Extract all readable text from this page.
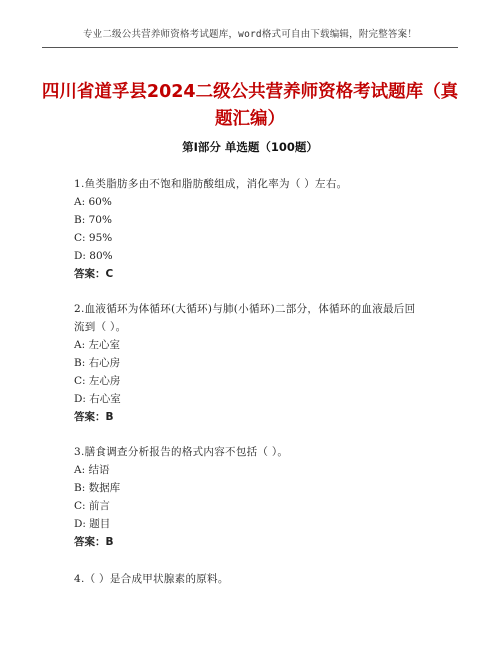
专业二级公共营养师资格考试题库，word格式可自由下载编辑，附完整答案！
四川省道孚县2024二级公共营养师资格考试题库（真题汇编）
第I部分 单选题（100题）

1.鱼类脂肪多由不饱和脂肪酸组成，消化率为（ ）左右。

A: 60%

B: 70%

C: 95%

D: 80%

答案：C

2.血液循环为体循环(大循环)与肺(小循环)二部分，体循环的血液最后回流到（ ）。

A: 左心室

B: 右心房

C: 左心房

D: 右心室

答案：B

3.膳食调查分析报告的格式内容不包括（ ）。

A: 结语

B: 数据库

C: 前言

D: 题目

答案：B

4.（ ）是合成甲状腺素的原料。
